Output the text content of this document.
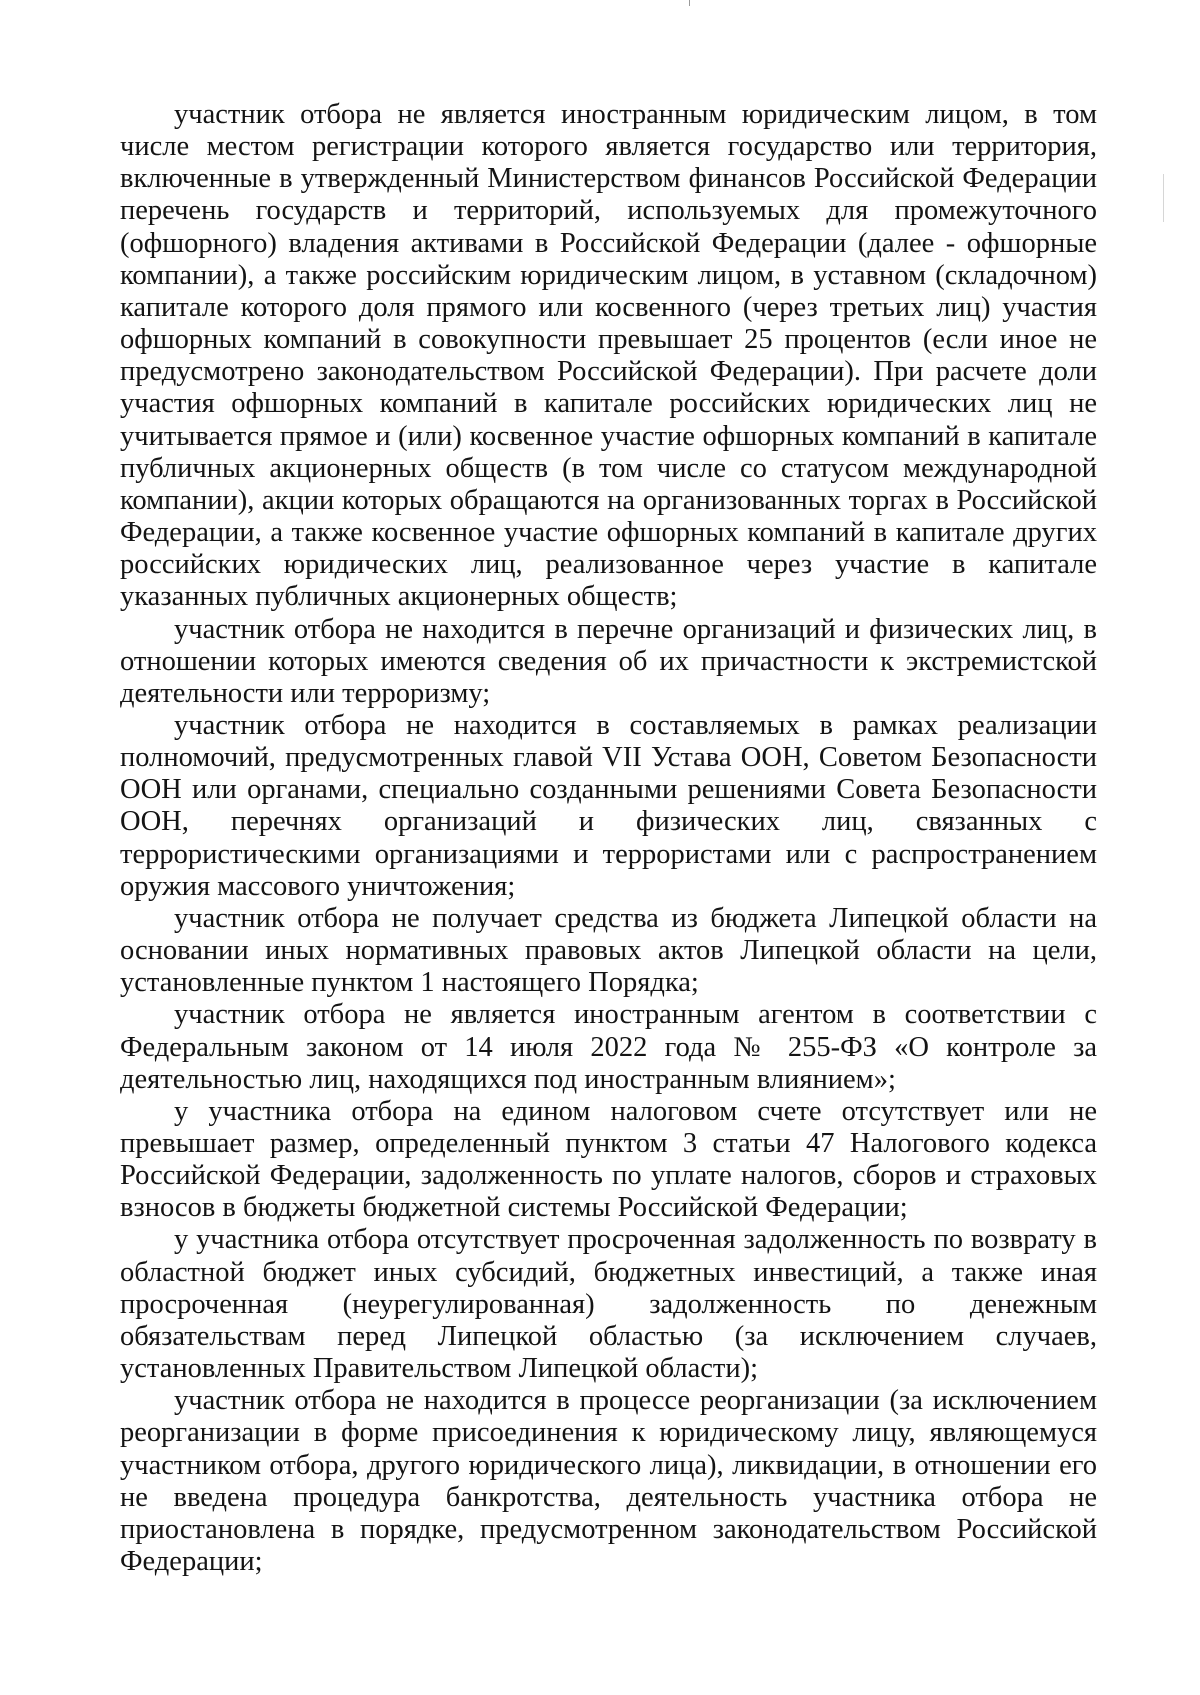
участник отбора не является иностранным юридическим лицом, в том числе местом регистрации которого является государство или территория, включенные в утвержденный Министерством финансов Российской Федерации перечень государств и территорий, используемых для промежуточного (офшорного) владения активами в Российской Федерации (далее - офшорные компании), а также российским юридическим лицом, в уставном (складочном) капитале которого доля прямого или косвенного (через третьих лиц) участия офшорных компаний в совокупности превышает 25 процентов (если иное не предусмотрено законодательством Российской Федерации). При расчете доли участия офшорных компаний в капитале российских юридических лиц не учитывается прямое и (или) косвенное участие офшорных компаний в капитале публичных акционерных обществ (в том числе со статусом международной компании), акции которых обращаются на организованных торгах в Российской Федерации, а также косвенное участие офшорных компаний в капитале других российских юридических лиц, реализованное через участие в капитале указанных публичных акционерных обществ;

участник отбора не находится в перечне организаций и физических лиц, в отношении которых имеются сведения об их причастности к экстремистской деятельности или терроризму;

участник отбора не находится в составляемых в рамках реализации полномочий, предусмотренных главой VII Устава ООН, Советом Безопасности ООН или органами, специально созданными решениями Совета Безопасности ООН, перечнях организаций и физических лиц, связанных с террористическими организациями и террористами или с распространением оружия массового уничтожения;

участник отбора не получает средства из бюджета Липецкой области на основании иных нормативных правовых актов Липецкой области на цели, установленные пунктом 1 настоящего Порядка;

участник отбора не является иностранным агентом в соответствии с Федеральным законом от 14 июля 2022 года № 255-ФЗ «О контроле за деятельностью лиц, находящихся под иностранным влиянием»;

у участника отбора на едином налоговом счете отсутствует или не превышает размер, определенный пунктом 3 статьи 47 Налогового кодекса Российской Федерации, задолженность по уплате налогов, сборов и страховых взносов в бюджеты бюджетной системы Российской Федерации;

у участника отбора отсутствует просроченная задолженность по возврату в областной бюджет иных субсидий, бюджетных инвестиций, а также иная просроченная (неурегулированная) задолженность по денежным обязательствам перед Липецкой областью (за исключением случаев, установленных Правительством Липецкой области);

участник отбора не находится в процессе реорганизации (за исключением реорганизации в форме присоединения к юридическому лицу, являющемуся участником отбора, другого юридического лица), ликвидации, в отношении его не введена процедура банкротства, деятельность участника отбора не приостановлена в порядке, предусмотренном законодательством Российской Федерации;
